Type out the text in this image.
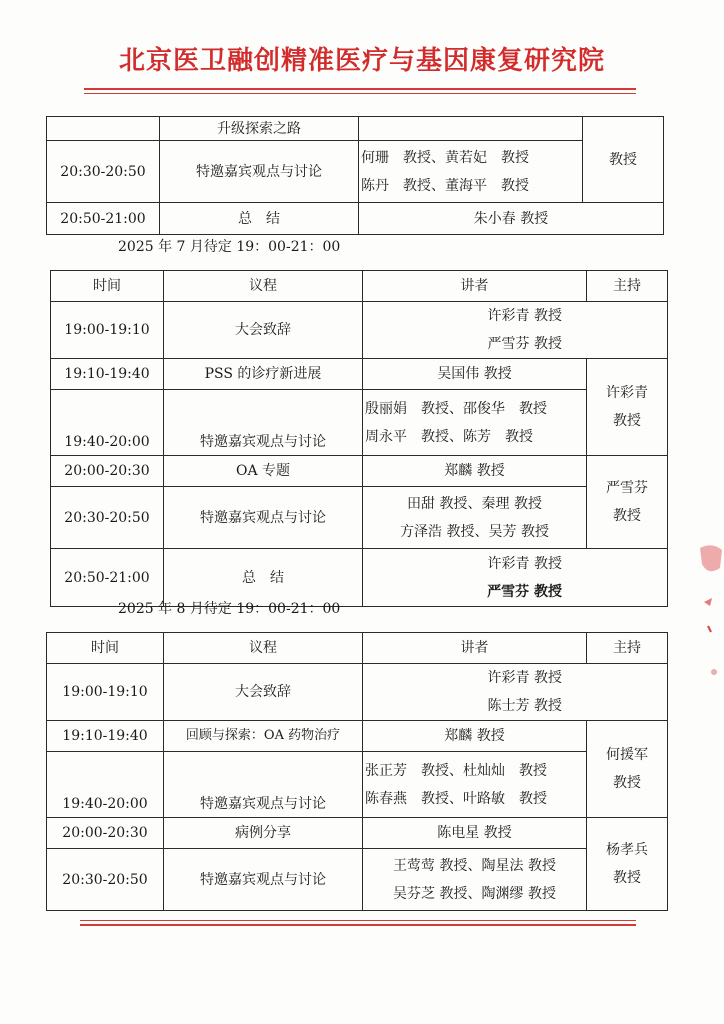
北京医卫融创精准医疗与基因康复研究院
	升级探索之路		教授
20:30-20:50	特邀嘉宾观点与讨论	何珊　教授、黄若妃　教授
陈丹　教授、董海平　教授	

20:50-21:00	总　结	朱小春 教授	
2025 年 7 月待定 19：00-21：00
时间	议程	讲者	主持
19:00-19:10	大会致辞	许彩青 教授
严雪芬 教授	

19:10-19:40	PSS 的诊疗新进展	吴国伟 教授	许彩青
教授

19:40-20:00	特邀嘉宾观点与讨论	殷丽娟　教授、邵俊华　教授
周永平　教授、陈芳　教授	

20:00-20:30	OA 专题	郑麟 教授	严雪芬
教授

20:30-20:50	特邀嘉宾观点与讨论	田甜 教授、秦理 教授
方泽浩 教授、吴芳 教授	

20:50-21:00	总　结	许彩青 教授
严雪芬 教授	
2025 年 8 月待定 19：00-21：00
时间	议程	讲者	主持
19:00-19:10	大会致辞	许彩青 教授
陈士芳 教授	

19:10-19:40	回顾与探索：OA 药物治疗	郑麟 教授	何援军
教授

19:40-20:00	特邀嘉宾观点与讨论	张正芳　教授、杜灿灿　教授
陈春燕　教授、叶路敏　教授	

20:00-20:30	病例分享	陈电星 教授	杨孝兵
教授

20:30-20:50	特邀嘉宾观点与讨论	王莺莺 教授、陶星法 教授
吴芬芝 教授、陶渊缪 教授	
